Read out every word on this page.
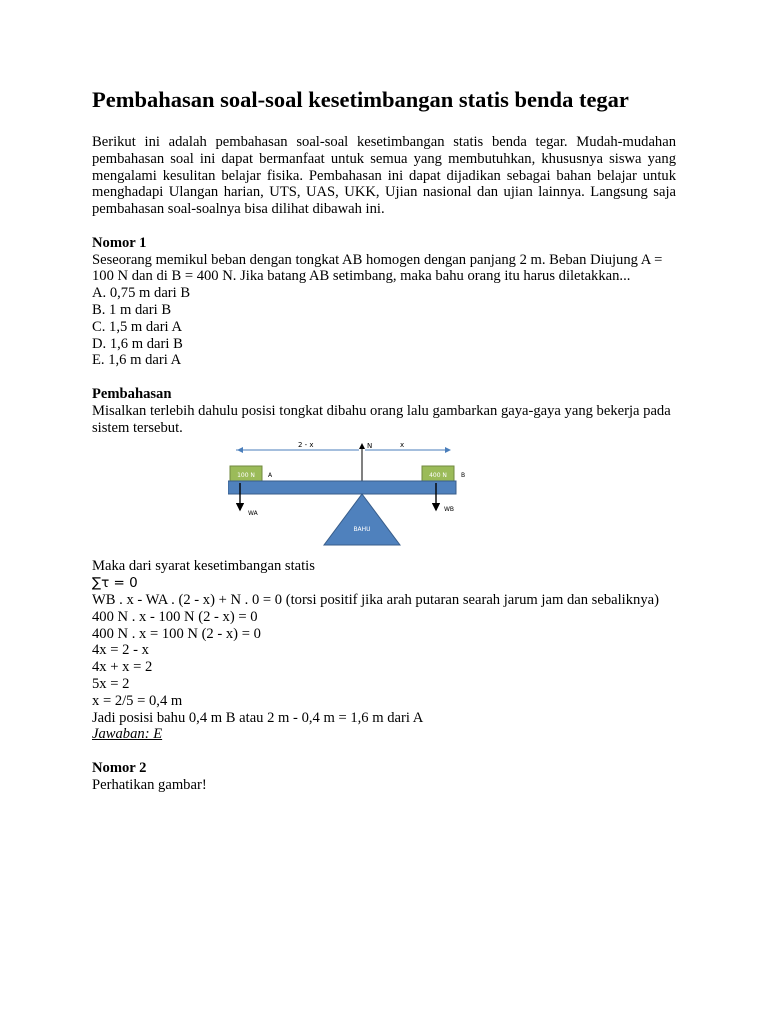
Pembahasan soal-soal kesetimbangan statis benda tegar

Berikut ini adalah pembahasan soal-soal kesetimbangan statis benda tegar. Mudah-mudahan pembahasan soal ini dapat bermanfaat untuk semua yang membutuhkan, khususnya siswa yang mengalami kesulitan belajar fisika. Pembahasan ini dapat dijadikan sebagai bahan belajar untuk menghadapi Ulangan harian, UTS, UAS, UKK, Ujian nasional dan ujian lainnya. Langsung saja pembahasan soal-soalnya bisa dilihat dibawah ini.

Nomor 1

Seseorang memikul beban dengan tongkat AB homogen dengan panjang 2 m. Beban Diujung A = 100 N dan di B = 400 N. Jika batang AB setimbang, maka bahu orang itu harus diletakkan...

A. 0,75 m dari B

B. 1 m dari B

C. 1,5 m dari A

D. 1,6 m dari B

E. 1,6 m dari A

Pembahasan

Misalkan terlebih dahulu posisi tongkat dibahu orang lalu gambarkan gaya-gaya yang bekerja pada sistem tersebut.

2 - x	x
N
100 N A	400 N B
WA
WB
BAHU

Maka dari syarat kesetimbangan statis

∑τ = 0

WB . x - WA . (2 - x) + N . 0 = 0 (torsi positif jika arah putaran searah jarum jam dan sebaliknya)

400 N . x - 100 N (2 - x) = 0

400 N . x = 100 N (2 - x) = 0

4x = 2 - x

4x + x = 2

5x = 2

x = 2/5 = 0,4 m

Jadi posisi bahu 0,4 m B atau 2 m - 0,4 m = 1,6 m dari A

Jawaban: E

Nomor 2

Perhatikan gambar!
